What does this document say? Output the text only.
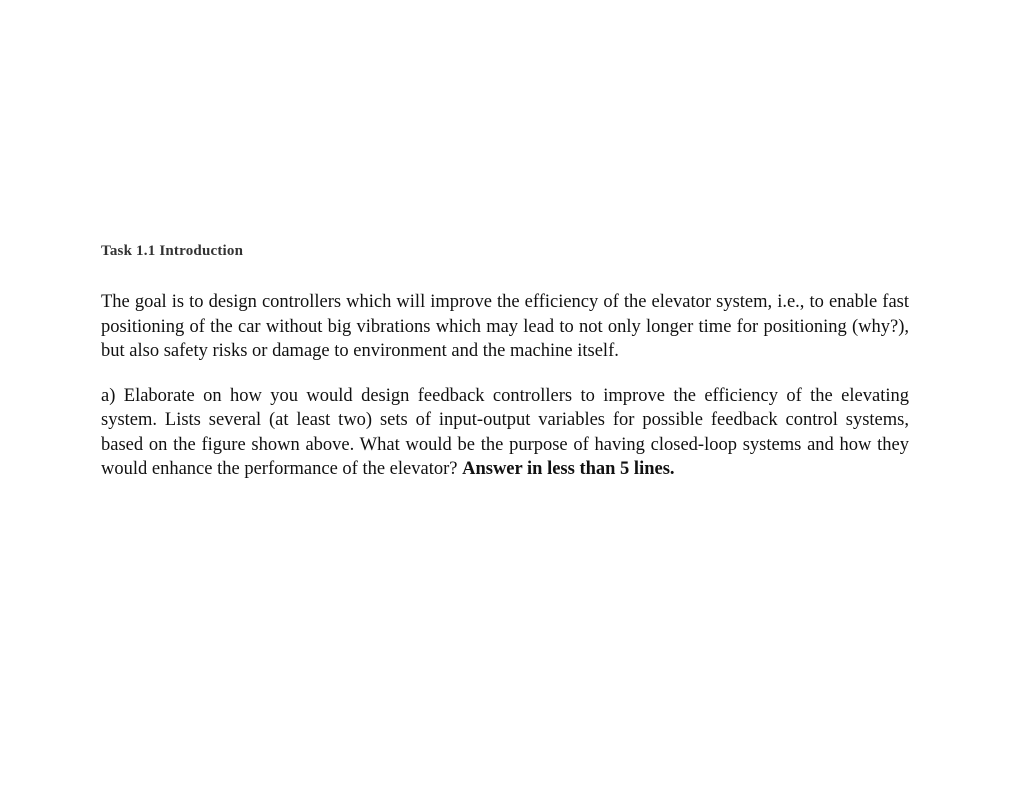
Task 1.1 Introduction

The goal is to design controllers which will improve the efficiency of the elevator system, i.e., to enable fast positioning of the car without big vibrations which may lead to not only longer time for positioning (why?), but also safety risks or damage to environment and the machine itself.

a) Elaborate on how you would design feedback controllers to improve the efficiency of the elevating system. Lists several (at least two) sets of input-output variables for possible feedback control systems, based on the figure shown above. What would be the purpose of having closed-loop systems and how they would enhance the performance of the elevator? Answer in less than 5 lines.
